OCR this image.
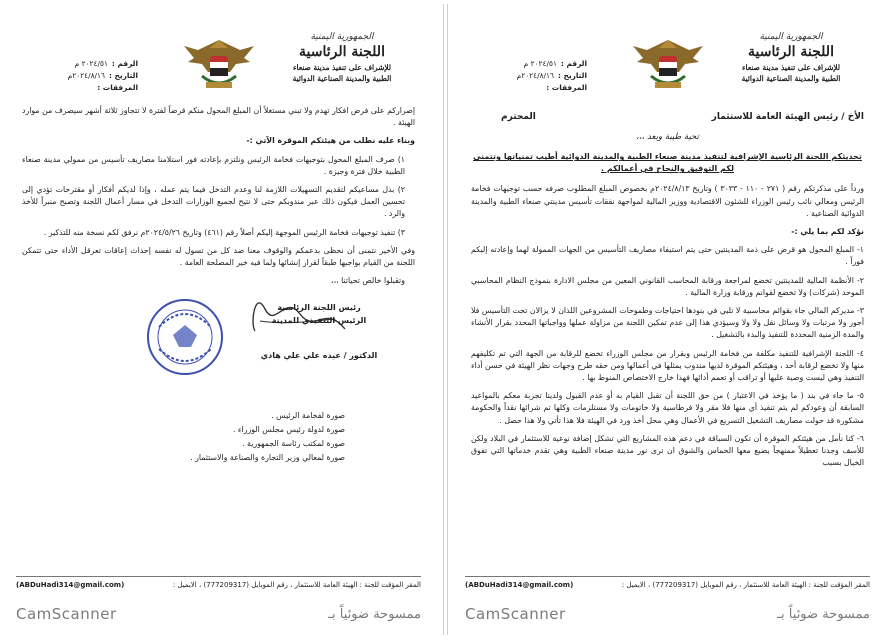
الجمهورية اليمنية
اللجنة الرئاسية
للإشراف على تنفيذ مدينة صنعاء
الطبية والمدينة الصناعية الدوائية
الرقم :
٢٠٢٤/٥١ م
التاريخ :
٢٠٢٤/٨/١٦م
المرفقات :

إصراركم على فرض افكار تهدم ولا تبني مستغلاً أن المبلغ المحول منكم قرضاً لفترة لا تتجاوز ثلاثة أشهر سيصرف من موارد الهيئة .

وبناء عليه نطلب من هيئتكم الموقرة الآتي :-

١) صرف المبلغ المحول بتوجيهات فخامة الرئيس ونلتزم بإعادته فور استلامنا مصاريف تأسيس من ممولي مدينة صنعاء الطبية خلال فترة وجيزة .

٢) بذل مساعيكم لتقديم التسهيلات اللازمة لنا وعدم التدخل فيما يتم عمله ، وإذا لديكم أفكار أو مقترحات تؤدي إلى تحسين العمل فيكون ذلك عبر مندوبكم حتى لا نتيح لجميع الوزارات التدخل في مسار أعمال اللجنة وتصبح منبراً للأخذ والرد .

٣) تنفيذ توجيهات فخامة الرئيس الموجهة إليكم أصلاً رقم (٤٦١) وتاريخ ٢٠٢٤/٥/٢٦م نرفق لكم نسخة منه للتذكير .

وفي الأخير نتمنى أن نحظى بدعمكم والوقوف معنا ضد كل من تسول له نفسه إحداث إعاقات تعرقل الأداء حتى تتمكن اللجنة من القيام بواجبها طبقاً لقرار إنشائها ولما فيه خير المصلحة العامة .

وتقبلوا خالص تحياتنا ،،،

رئيس اللجنة الرئاسية
الرئيس التنفيذي للمدينة
الدكتور / عبده علي علي هادي
صورة لفخامة الرئيس .
صورة لدولة رئيس مجلس الوزراء .
صورة لمكتب رئاسة الجمهورية .
صورة لمعالي وزير التجارة والصناعة والاستثمار .
المقر المؤقت للجنة : الهيئة العامة للاستثمار ، رقم الموبايل (777209317) ، الايميل :
(ABDuHadi314@gmail.com)
CamScanner	ممسوحة ضوئياً بـ
الجمهورية اليمنية
اللجنة الرئاسية
للإشراف على تنفيذ مدينة صنعاء
الطبية والمدينة الصناعية الدوائية
الرقم :
٢٠٢٤/٥١ م
التاريخ :
٢٠٢٤/٨/١٦م
المرفقات :
الأخ / رئيس الهيئة العامة للاستثمار
المحترم
تحية طيبة وبعد ،،،
تحديثكم اللجنة الرئاسية الإشرافية لتنفيذ مدينة صنعاء الطبية والمدينة الدوائية أطيب تمنياتها وتتمنى لكم التوفيق والنجاح في أعمالكم .

ورداً على مذكرتكم رقم ( ٢٧١ - ١١٠ - ٣٠٣٣ ) وتاريخ ٢٠٢٤/٨/١٣م بخصوص المبلغ المطلوب صرفه حسب توجيهات فخامة الرئيس ومعالي نائب رئيس الوزراء للشئون الاقتصادية ووزير المالية لمواجهة نفقات تأسيس مدينتي صنعاء الطبية والمدينة الدوائية الصناعية .

نؤكد لكم بما يلي :-

١- المبلغ المحول هو قرض على ذمة المدينتين حتى يتم استيفاء مصاريف التأسيس من الجهات الممولة لهما وإعادته إليكم فوراً .

٢- الأنظمة المالية للمدينتين تخضع لمراجعة ورقابة المحاسب القانوني المعين من مجلس الادارة بنموذج النظام المحاسبي الموحد (شركات) ولا تخضع لقوانم ورقابة وزارة المالية .

٣- مديركم المالي جاء بقوائم محاسبية لا تلبي في بنودها احتياجات وطموحات المشروعين اللذان لا يزالان تحت التأسيس فلا أجور ولا مرتبات ولا وسائل نقل ولا ولا وسيؤدي هذا إلى عدم تمكين اللجنة من مزاولة عملها وواجباتها المحدد بقرار الأنشاء والمدة الزمنية المحددة للتنفيذ والبدء بالتشغيل .

٤- اللجنة الإشرافية للتنفيذ مكلفة من فخامة الرئيس وبقرار من مجلس الوزراء تخضع للرقابة من الجهة التي تم تكليفهم منها ولا تخضع لرقابة أحد ، وهيئتكم الموقرة لديها مندوب يمثلها في أعمالها ومن حقه طرح وجهات نظر الهيئة في حسن أداء التنفيذ وهي ليست وصية عليها أو تراقب أو تعمم أدائها فهذا خارج الاختصاص المنوط بها .

٥- ما جاء في بند ( ما يؤخذ في الاعتبار ) من حق اللجنة أن تقبل القيام به أو عدم القبول ولدينا تجربة معكم بالمواعيد السابقة أن وعودكم لم يتم تنفيذ أي منها فلا مقر ولا قرطاسية ولا خاتومات ولا مستلزمات وكلها تم شرائها نقداً والحكومة مشكورة قد حولت مصاريف التشغيل التسريع في الأعمال وهي محل أخذ ورد في الهيئة فلا هذا تأتي ولا هذا حصل .

٦- كنا نأمل من هيئتكم الموقرة أن تكون السباقة في دعم هذه المشاريع التي تشكل إضافة نوعية للاستثمار في البلاد ولكن للأسف وجدنا تعطيلاً ممنهجاً يضيع معها الحماس والشوق ان ترى نور مدينة صنعاء الطبية وهي تقدم خدماتها التي تفوق الخيال بسبب

المقر المؤقت للجنة : الهيئة العامة للاستثمار ، رقم الموبايل (777209317) ، الايميل :
(ABDuHadi314@gmail.com)
CamScanner	ممسوحة ضوئياً بـ
